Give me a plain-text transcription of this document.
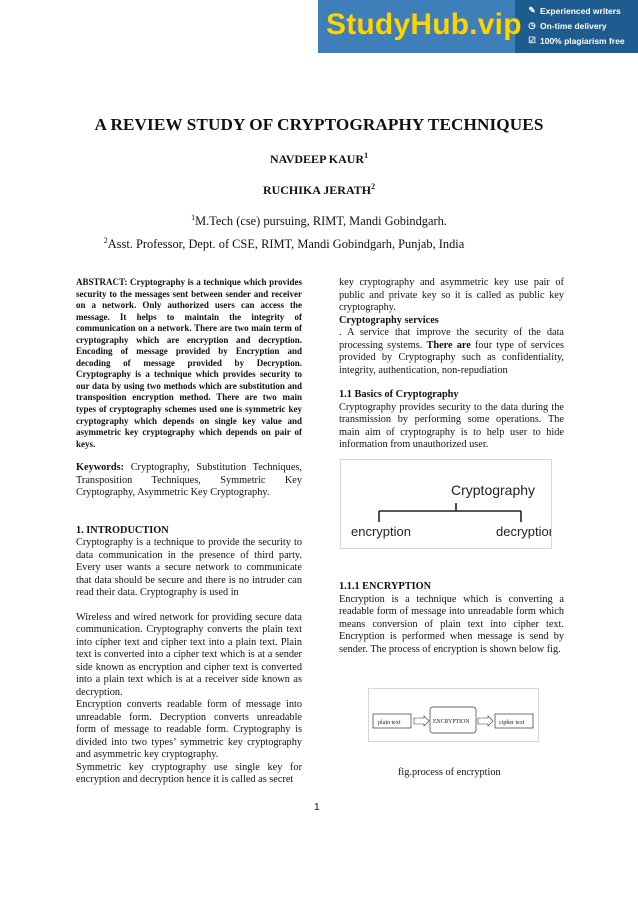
StudyHub.vip ✎ Experienced writers
◷ On-time delivery
☑ 100% plagiarism free
A REVIEW STUDY OF CRYPTOGRAPHY TECHNIQUES
NAVDEEP KAUR$^1$
RUCHIKA JERATH$^2$
$^1$M.Tech (cse) pursuing, RIMT, Mandi Gobindgarh.
$^2$Asst. Professor, Dept. of CSE, RIMT, Mandi Gobindgarh, Punjab, India

ABSTRACT: Cryptography is a technique which provides security to the messages sent between sender and receiver on a network. Only authorized users can access the message. It helps to maintain the integrity of communication on a network. There are two main term of cryptography which are encryption and decryption. Encoding of message provided by Encryption and decoding of message provided by Decryption. Cryptography is a technique which provides security to our data by using two methods which are substitution and transposition encryption method. There are two main types of cryptography schemes used one is symmetric key cryptography which depends on single key value and asymmetric key cryptography which depends on pair of keys.

Keywords: Cryptography, Substitution Techniques, Transposition Techniques, Symmetric Key Cryptography, Asymmetric Key Cryptography.

1. INTRODUCTION

Cryptography is a technique to provide the security to data communication in the presence of third party. Every user wants a secure network to communicate that data should be secure and there is no intruder can read their data. Cryptography is used in

Wireless and wired network for providing secure data communication. Cryptography converts the plain text into cipher text and cipher text into a plain text. Plain text is converted into a cipher text which is at a sender side known as encryption and cipher text is converted into a plain text which is at a receiver side known as decryption.

Encryption converts readable form of message into unreadable form. Decryption converts unreadable form of message to readable form. Cryptography is divided into two types’ symmetric key cryptography and asymmetric key cryptography.

Symmetric key cryptography use single key for encryption and decryption hence it is called as secret

key cryptography and asymmetric key use pair of public and private key so it is called as public key cryptography.

Cryptography services

. A service that improve the security of the data processing systems. There are four type of services provided by Cryptography such as confidentiality, integrity, authentication, non-repudiation

1.1 Basics of Cryptography

Cryptography provides security to the data during the transmission by performing some operations. The main aim of cryptography is to help user to hide information from unauthorized user.

Cryptography
encryption	decryption

1.1.1 ENCRYPTION

Encryption is a technique which is converting a readable form of message into unreadable form which means conversion of plain text into cipher text. Encryption is performed when message is send by sender. The process of encryption is shown below fig.

plain text	ENCRYPTION	cipher text
fig.process of encryption
1
